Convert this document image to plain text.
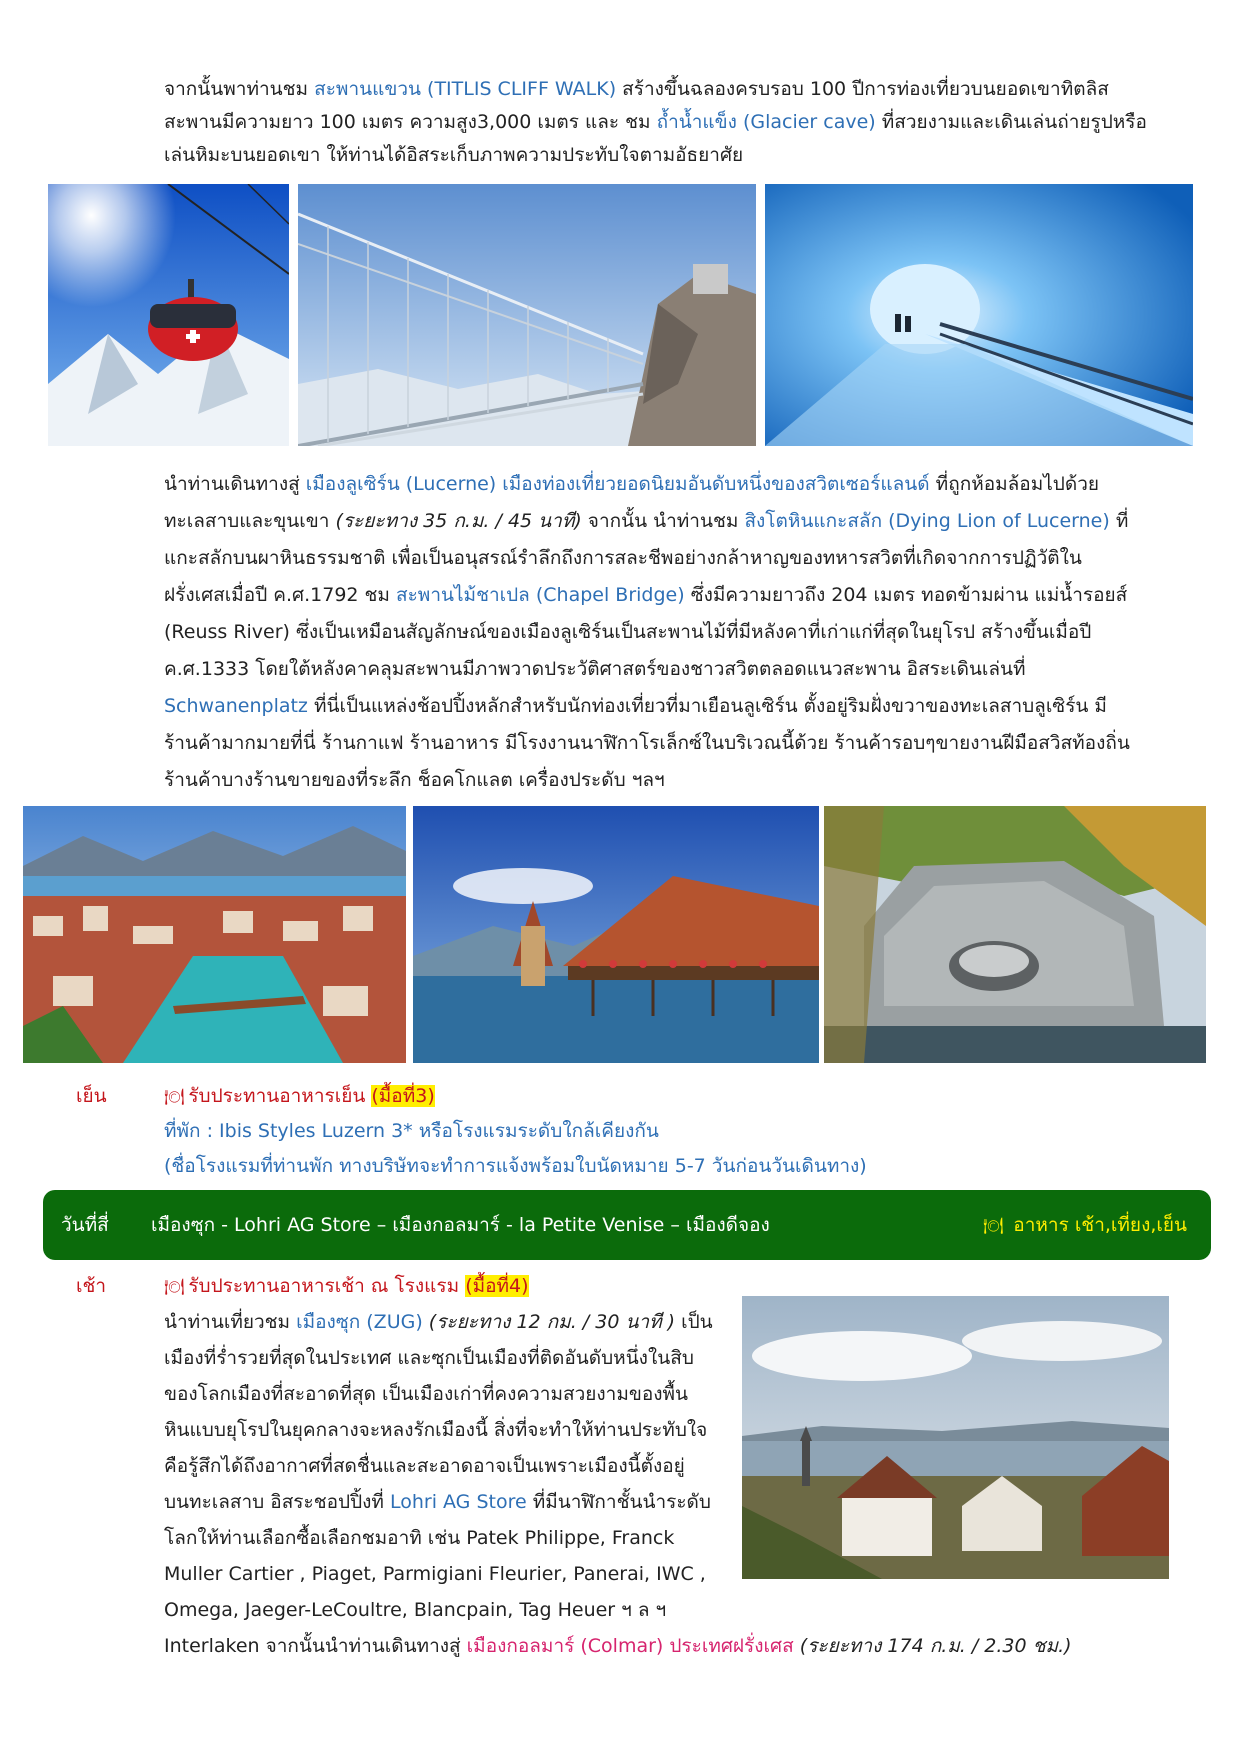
จากนั้นพาท่านชม สะพานแขวน (TITLIS CLIFF WALK) สร้างขึ้นฉลองครบรอบ 100 ปีการท่องเที่ยวบนยอดเขาทิตลิส
สะพานมีความยาว 100 เมตร ความสูง3,000 เมตร และ ชม ถ้ำน้ำแข็ง (Glacier cave) ที่สวยงามและเดินเล่นถ่ายรูปหรือ
เล่นหิมะบนยอดเขา ให้ท่านได้อิสระเก็บภาพความประทับใจตามอัธยาศัย
นำท่านเดินทางสู่ เมืองลูเซิร์น (Lucerne) เมืองท่องเที่ยวยอดนิยมอันดับหนึ่งของสวิตเซอร์แลนด์ ที่ถูกห้อมล้อมไปด้วย
ทะเลสาบและขุนเขา (ระยะทาง 35 ก.ม. / 45 นาที) จากนั้น นำท่านชม สิงโตหินแกะสลัก (Dying Lion of Lucerne) ที่
แกะสลักบนผาหินธรรมชาติ เพื่อเป็นอนุสรณ์รำลึกถึงการสละชีพอย่างกล้าหาญของทหารสวิตที่เกิดจากการปฏิวัติใน
ฝรั่งเศสเมื่อปี ค.ศ.1792 ชม สะพานไม้ชาเปล (Chapel Bridge) ซึ่งมีความยาวถึง 204 เมตร ทอดข้ามผ่าน แม่น้ำรอยส์
(Reuss River) ซึ่งเป็นเหมือนสัญลักษณ์ของเมืองลูเซิร์นเป็นสะพานไม้ที่มีหลังคาที่เก่าแก่ที่สุดในยุโรป สร้างขึ้นเมื่อปี
ค.ศ.1333 โดยใต้หลังคาคลุมสะพานมีภาพวาดประวัติศาสตร์ของชาวสวิตตลอดแนวสะพาน อิสระเดินเล่นที่
Schwanenplatz ที่นี่เป็นแหล่งช้อปปิ้งหลักสำหรับนักท่องเที่ยวที่มาเยือนลูเซิร์น ตั้งอยู่ริมฝั่งขวาของทะเลสาบลูเซิร์น มี
ร้านค้ามากมายที่นี่ ร้านกาแฟ ร้านอาหาร มีโรงงานนาฬิกาโรเล็กซ์ในบริเวณนี้ด้วย ร้านค้ารอบๆขายงานฝีมือสวิสท้องถิ่น
ร้านค้าบางร้านขายของที่ระลึก ช็อคโกแลต เครื่องประดับ ฯลฯ
เย็น	🍽 รับประทานอาหารเย็น (มื้อที่3)
ที่พัก : Ibis Styles Luzern 3* หรือโรงแรมระดับใกล้เคียงกัน
(ชื่อโรงแรมที่ท่านพัก ทางบริษัทจะทำการแจ้งพร้อมใบนัดหมาย 5-7 วันก่อนวันเดินทาง)
วันที่สี่ เมืองซุก - Lohri AG Store – เมืองกอลมาร์ - la Petite Venise – เมืองดีจอง	🍽 อาหาร เช้า,เที่ยง,เย็น
เช้า	🍽 รับประทานอาหารเช้า ณ โรงแรม (มื้อที่4)
นำท่านเที่ยวชม เมืองซุก (ZUG) (ระยะทาง 12 กม. / 30 นาที ) เป็น
เมืองที่ร่ำรวยที่สุดในประเทศ และซุกเป็นเมืองที่ติดอันดับหนึ่งในสิบ
ของโลกเมืองที่สะอาดที่สุด เป็นเมืองเก่าที่คงความสวยงามของพื้น
หินแบบยุโรปในยุคกลางจะหลงรักเมืองนี้ สิ่งที่จะทำให้ท่านประทับใจ
คือรู้สึกได้ถึงอากาศที่สดชื่นและสะอาดอาจเป็นเพราะเมืองนี้ตั้งอยู่
บนทะเลสาบ อิสระชอปปิ้งที่ Lohri AG Store ที่มีนาฬิกาชั้นนำระดับ
โลกให้ท่านเลือกซื้อเลือกชมอาทิ เช่น Patek Philippe, Franck
Muller Cartier , Piaget, Parmigiani Fleurier, Panerai, IWC ,
Omega, Jaeger-LeCoultre, Blancpain, Tag Heuer ฯ ล ฯ
Interlaken จากนั้นนำท่านเดินทางสู่ เมืองกอลมาร์ (Colmar) ประเทศฝรั่งเศส (ระยะทาง 174 ก.ม. / 2.30 ชม.)
